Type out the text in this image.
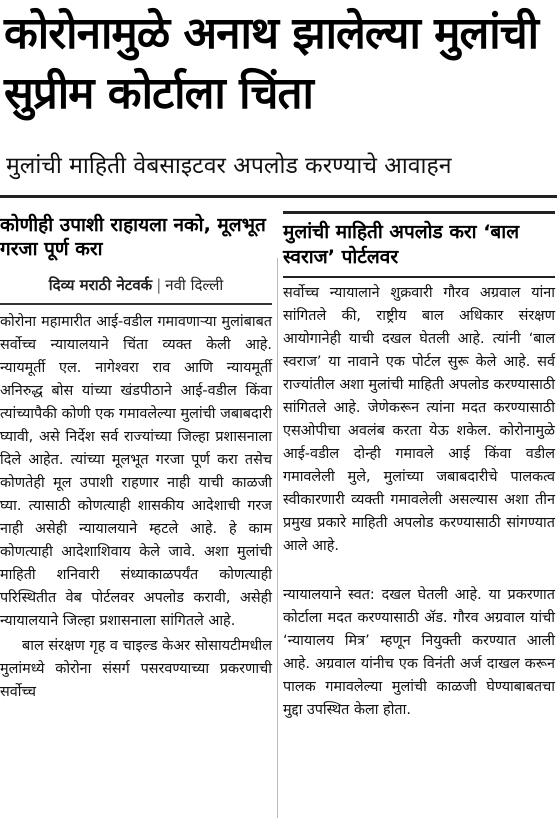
कोरोनामुळे अनाथ झालेल्या मुलांची सुप्रीम कोर्टाला चिंता

मुलांची माहिती वेबसाइटवर अपलोड करण्याचे आवाहन

कोणीही उपाशी राहायला नको, मूलभूत गरजा पूर्ण करा
दिव्य मराठी नेटवर्क | नवी दिल्ली

कोरोना महामारीत आई-वडील गमावणाऱ्या मुलांबाबत सर्वोच्च न्यायालयाने चिंता व्यक्त केली आहे. न्यायमूर्ती एल. नागेश्वरा राव आणि न्यायमूर्ती अनिरुद्ध बोस यांच्या खंडपीठाने आई-वडील किंवा त्यांच्यापैकी कोणी एक गमावलेल्या मुलांची जबाबदारी घ्यावी, असे निर्देश सर्व राज्यांच्या जिल्हा प्रशासनाला दिले आहेत. त्यांच्या मूलभूत गरजा पूर्ण करा तसेच कोणतेही मूल उपाशी राहणार नाही याची काळजी घ्या. त्यासाठी कोणत्याही शासकीय आदेशाची गरज नाही असेही न्यायालयाने म्हटले आहे. हे काम कोणत्याही आदेशाशिवाय केले जावे. अशा मुलांची माहिती शनिवारी संध्याकाळपर्यंत कोणत्याही परिस्थितीत वेब पोर्टलवर अपलोड करावी, असेही न्यायालयाने जिल्हा प्रशासनाला सांगितले आहे.

बाल संरक्षण गृह व चाइल्ड केअर सोसायटीमधील मुलांमध्ये कोरोना संसर्ग पसरवण्याच्या प्रकरणाची सर्वोच्च

मुलांची माहिती अपलोड करा ‘बाल स्वराज’ पोर्टलवर

सर्वोच्च न्यायालाने शुक्रवारी गौरव अग्रवाल यांना सांगितले की, राष्ट्रीय बाल अधिकार संरक्षण आयोगानेही याची दखल घेतली आहे. त्यांनी ‘बाल स्वराज’ या नावाने एक पोर्टल सुरू केले आहे. सर्व राज्यांतील अशा मुलांची माहिती अपलोड करण्यासाठी सांगितले आहे. जेणेकरून त्यांना मदत करण्यासाठी एसओपीचा अवलंब करता येऊ शकेल. कोरोनामुळे आई-वडील दोन्ही गमावले आई किंवा वडील गमावलेली मुले, मुलांच्या जबाबदारीचे पालकत्व स्वीकारणारी व्यक्ती गमावलेली असल्यास अशा तीन प्रमुख प्रकारे माहिती अपलोड करण्यासाठी सांगण्यात आले आहे.

न्यायालयाने स्वत: दखल घेतली आहे. या प्रकरणात कोर्टाला मदत करण्यासाठी ॲड. गौरव अग्रवाल यांची ‘न्यायालय मित्र’ म्हणून नियुक्ती करण्यात आली आहे. अग्रवाल यांनीच एक विनंती अर्ज दाखल करून पालक गमावलेल्या मुलांची काळजी घेण्याबाबतचा मुद्दा उपस्थित केला होता.
